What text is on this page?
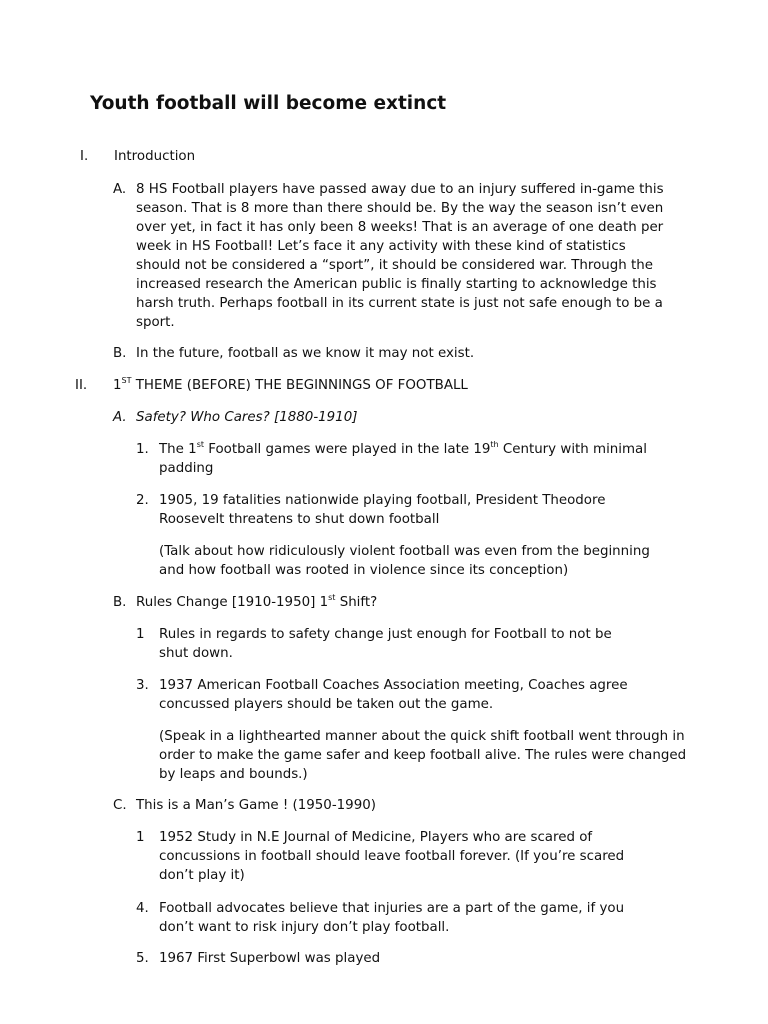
Youth football will become extinct
I.	Introduction
A. 8 HS Football players have passed away due to an injury suffered in-game this season. That is 8 more than there should be. By the way the season isn’t even over yet, in fact it has only been 8 weeks! That is an average of one death per week in HS Football! Let’s face it any activity with these kind of statistics should not be considered a “sport”, it should be considered war. Through the increased research the American public is finally starting to acknowledge this harsh truth. Perhaps football in its current state is just not safe enough to be a sport.
B. In the future, football as we know it may not exist.
II.	1ST THEME (BEFORE) THE BEGINNINGS OF FOOTBALL
A. Safety? Who Cares? [1880-1910]
1. The 1st Football games were played in the late 19th Century with minimal padding
2. 1905, 19 fatalities nationwide playing football, President Theodore Roosevelt threatens to shut down football
(Talk about how ridiculously violent football was even from the beginning and how football was rooted in violence since its conception)
B. Rules Change [1910-1950] 1st Shift?
1 Rules in regards to safety change just enough for Football to not be shut down.
3. 1937 American Football Coaches Association meeting, Coaches agree concussed players should be taken out the game.
(Speak in a lighthearted manner about the quick shift football went through in order to make the game safer and keep football alive. The rules were changed by leaps and bounds.)
C. This is a Man’s Game ! (1950-1990)
1 1952 Study in N.E Journal of Medicine, Players who are scared of concussions in football should leave football forever. (If you’re scared don’t play it)
4. Football advocates believe that injuries are a part of the game, if you don’t want to risk injury don’t play football.
5. 1967 First Superbowl was played
